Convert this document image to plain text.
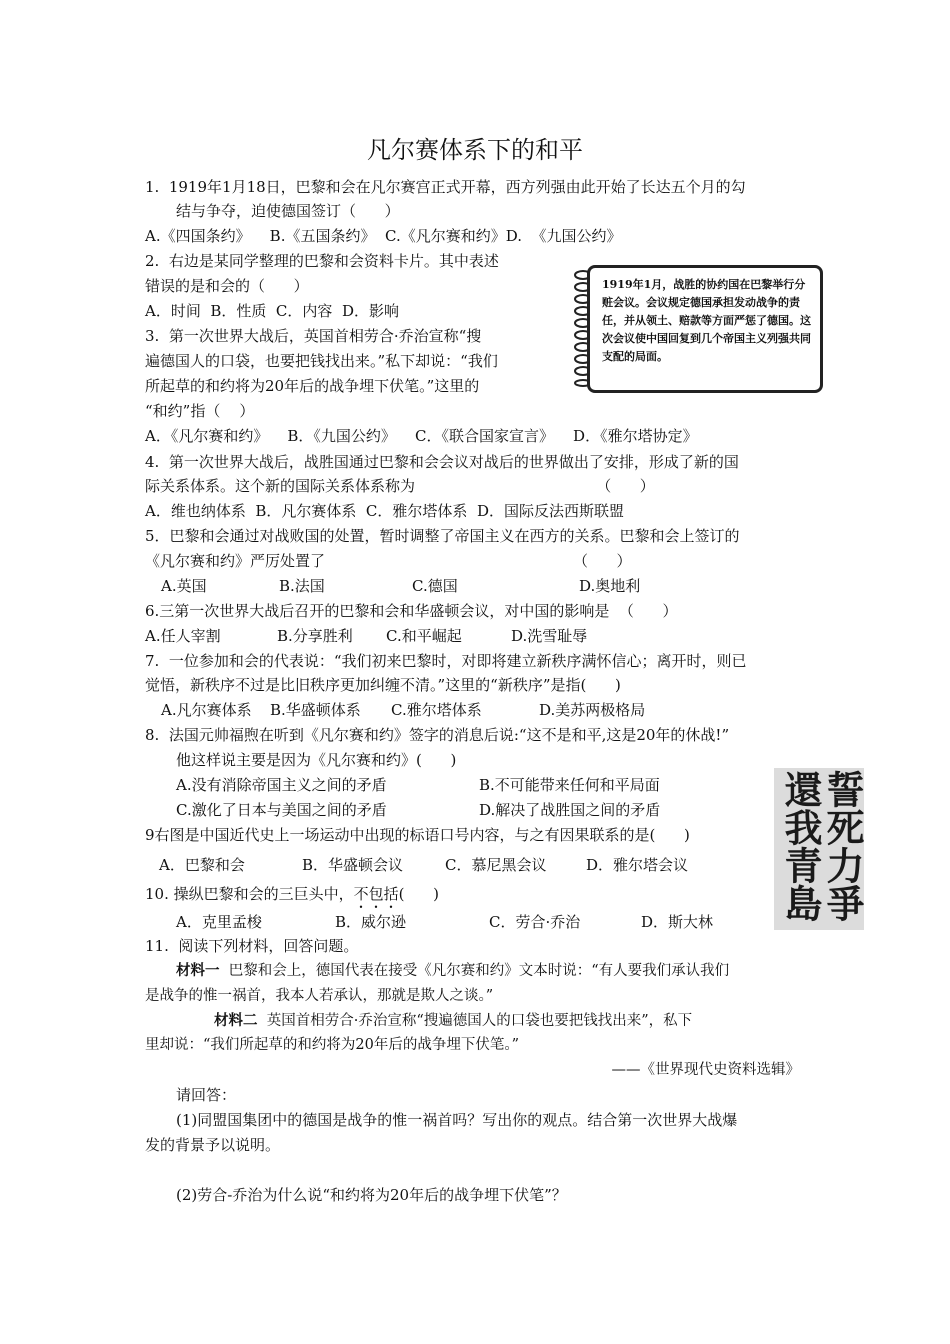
凡尔赛体系下的和平
1.  1919年1月18日，巴黎和会在凡尔赛宫正式开幕，西方列强由此开始了长达五个月的勾
结与争夺，迫使德国签订（      ）
A.《四国条约》    B.《五国条约》  C.《凡尔赛和约》D.  《九国公约》
2.  右边是某同学整理的巴黎和会资料卡片。其中表述
错误的是和会的（      ）
A．时间  B．性质  C．内容  D．影响
1919年1月，战胜的协约国在巴黎举行分赃会议。会议规定德国承担发动战争的责任，并从领土、赔款等方面严惩了德国。这次会议使中国回复到几个帝国主义列强共同支配的局面。
3.  第一次世界大战后，英国首相劳合·乔治宣称“搜
遍德国人的口袋，也要把钱找出来。”私下却说：“我们
所起草的和约将为20年后的战争埋下伏笔。”这里的
“和约”指（    ）
A．《凡尔赛和约》    B．《九国公约》    C．《联合国家宣言》    D．《雅尔塔协定》
4.  第一次世界大战后，战胜国通过巴黎和会会议对战后的世界做出了安排，形成了新的国
际关系体系。这个新的国际关系体系称为                                      （      ）
A．维也纳体系  B．凡尔赛体系  C．雅尔塔体系  D．国际反法西斯联盟
5．巴黎和会通过对战败国的处置，暂时调整了帝国主义在西方的关系。巴黎和会上签订的
《凡尔赛和约》严厉处置了                                                    （      ）
A.英国	B.法国	C.德国	D.奥地利
6.三第一次世界大战后召开的巴黎和会和华盛顿会议，对中国的影响是  （      ）
A.任人宰割	B.分享胜利 C.和平崛起	D.洗雪耻辱
7.  一位参加和会的代表说：“我们初来巴黎时，对即将建立新秩序满怀信心；离开时，则已
觉悟，新秩序不过是比旧秩序更加纠缠不清。”这里的“新秩序”是指(      )
A.凡尔赛体系 B.华盛顿体系 C.雅尔塔体系	D.美苏两极格局
8.  法国元帅福煦在听到《凡尔赛和约》签字的消息后说:“这不是和平,这是20年的休战!”
他这样说主要是因为《凡尔赛和约》(      )
A.没有消除帝国主义之间的矛盾	B.不可能带来任何和平局面
C.激化了日本与美国之间的矛盾	D.解决了战胜国之间的矛盾	誓死力爭
還我青島
9右图是中国近代史上一场运动中出现的标语口号内容，与之有因果联系的是(      )
A．巴黎和会	B．华盛顿会议	C．慕尼黑会议	D．雅尔塔会议
10. 操纵巴黎和会的三巨头中，不包括(      )
A．克里孟梭	B．威尔逊	C．劳合·乔治	D．斯大林
11.  阅读下列材料，回答问题。
材料一  巴黎和会上，德国代表在接受《凡尔赛和约》文本时说：“有人要我们承认我们
是战争的惟一祸首，我本人若承认，那就是欺人之谈。”
材料二  英国首相劳合·乔治宣称“搜遍德国人的口袋也要把钱找出来”，私下
里却说：“我们所起草的和约将为20年后的战争埋下伏笔。”
——《世界现代史资料选辑》
请回答：
(1)同盟国集团中的德国是战争的惟一祸首吗？写出你的观点。结合第一次世界大战爆
发的背景予以说明。
(2)劳合-乔治为什么说“和约将为20年后的战争埋下伏笔”？
